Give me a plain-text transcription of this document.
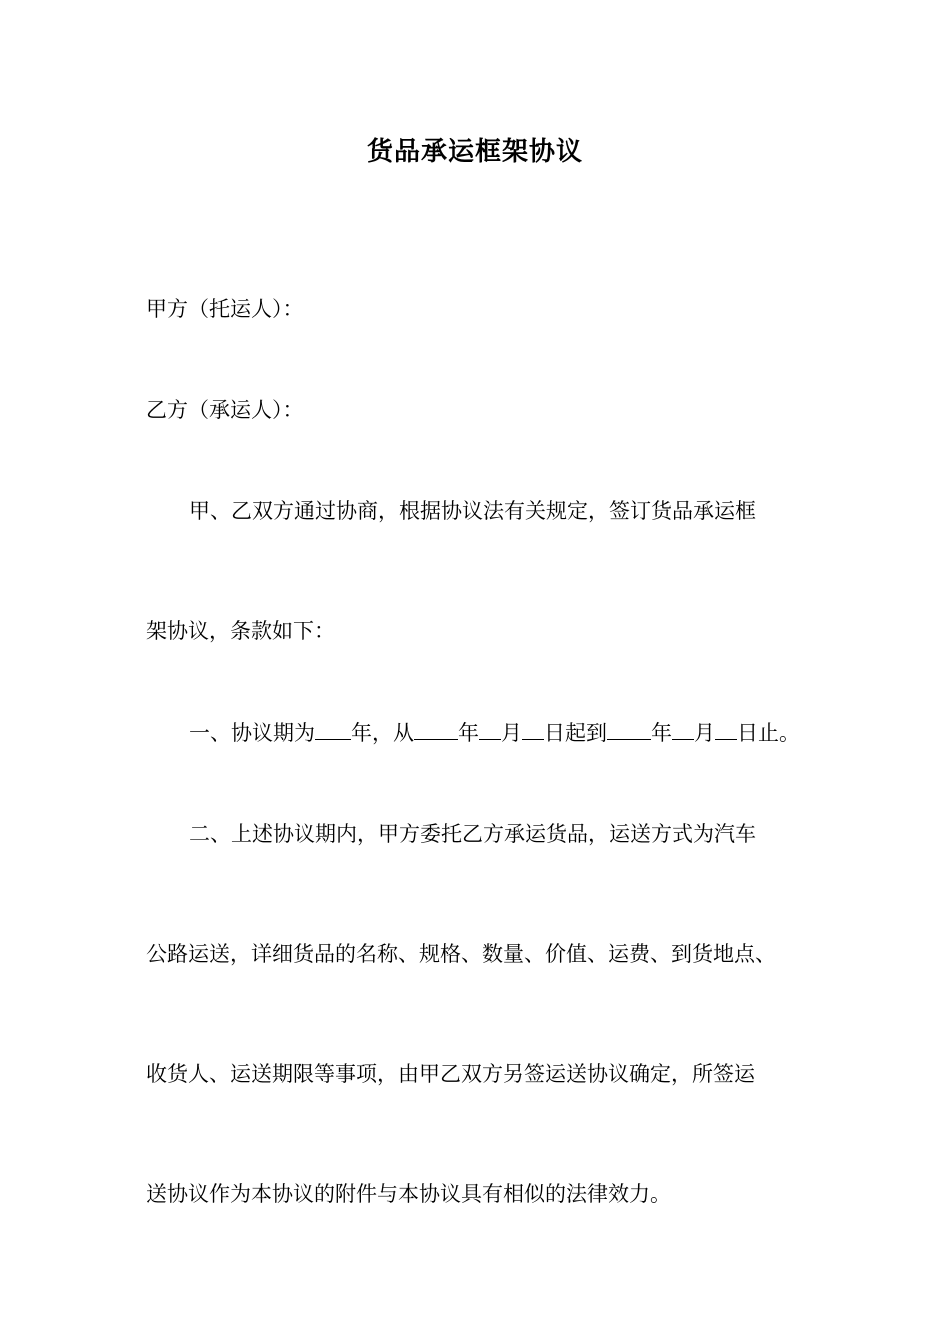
货品承运框架协议
甲方（托运人）：
乙方（承运人）：
甲、乙双方通过协商，根据协议法有关规定，签订货品承运框
架协议，条款如下：
一、协议期为 年，从 年 月 日起到 年 月 日止。
二、上述协议期内，甲方委托乙方承运货品，运送方式为汽车
公路运送，详细货品的名称、规格、数量、价值、运费、到货地点、
收货人、运送期限等事项，由甲乙双方另签运送协议确定，所签运
送协议作为本协议的附件与本协议具有相似的法律效力。
